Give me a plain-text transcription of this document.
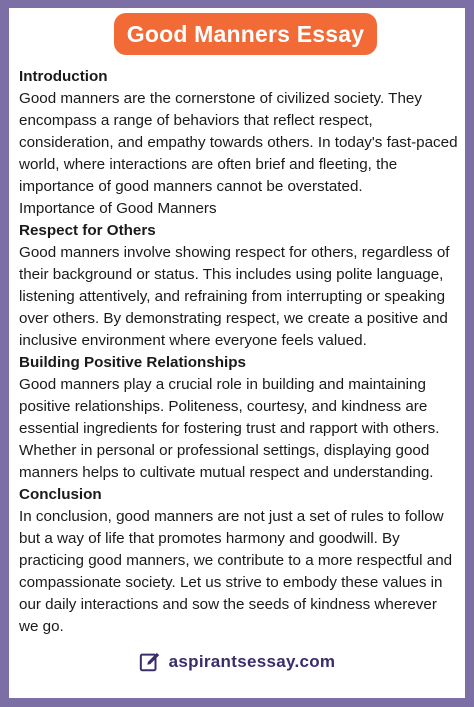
Good Manners Essay
Introduction

Good manners are the cornerstone of civilized society. They encompass a range of behaviors that reflect respect, consideration, and empathy towards others. In today's fast-paced world, where interactions are often brief and fleeting, the importance of good manners cannot be overstated.

Importance of Good Manners

Respect for Others

Good manners involve showing respect for others, regardless of their background or status. This includes using polite language, listening attentively, and refraining from interrupting or speaking over others. By demonstrating respect, we create a positive and inclusive environment where everyone feels valued.

Building Positive Relationships

Good manners play a crucial role in building and maintaining positive relationships. Politeness, courtesy, and kindness are essential ingredients for fostering trust and rapport with others. Whether in personal or professional settings, displaying good manners helps to cultivate mutual respect and understanding.

Conclusion

In conclusion, good manners are not just a set of rules to follow but a way of life that promotes harmony and goodwill. By practicing good manners, we contribute to a more respectful and compassionate society. Let us strive to embody these values in our daily interactions and sow the seeds of kindness wherever we go.

aspirantsessay.com
